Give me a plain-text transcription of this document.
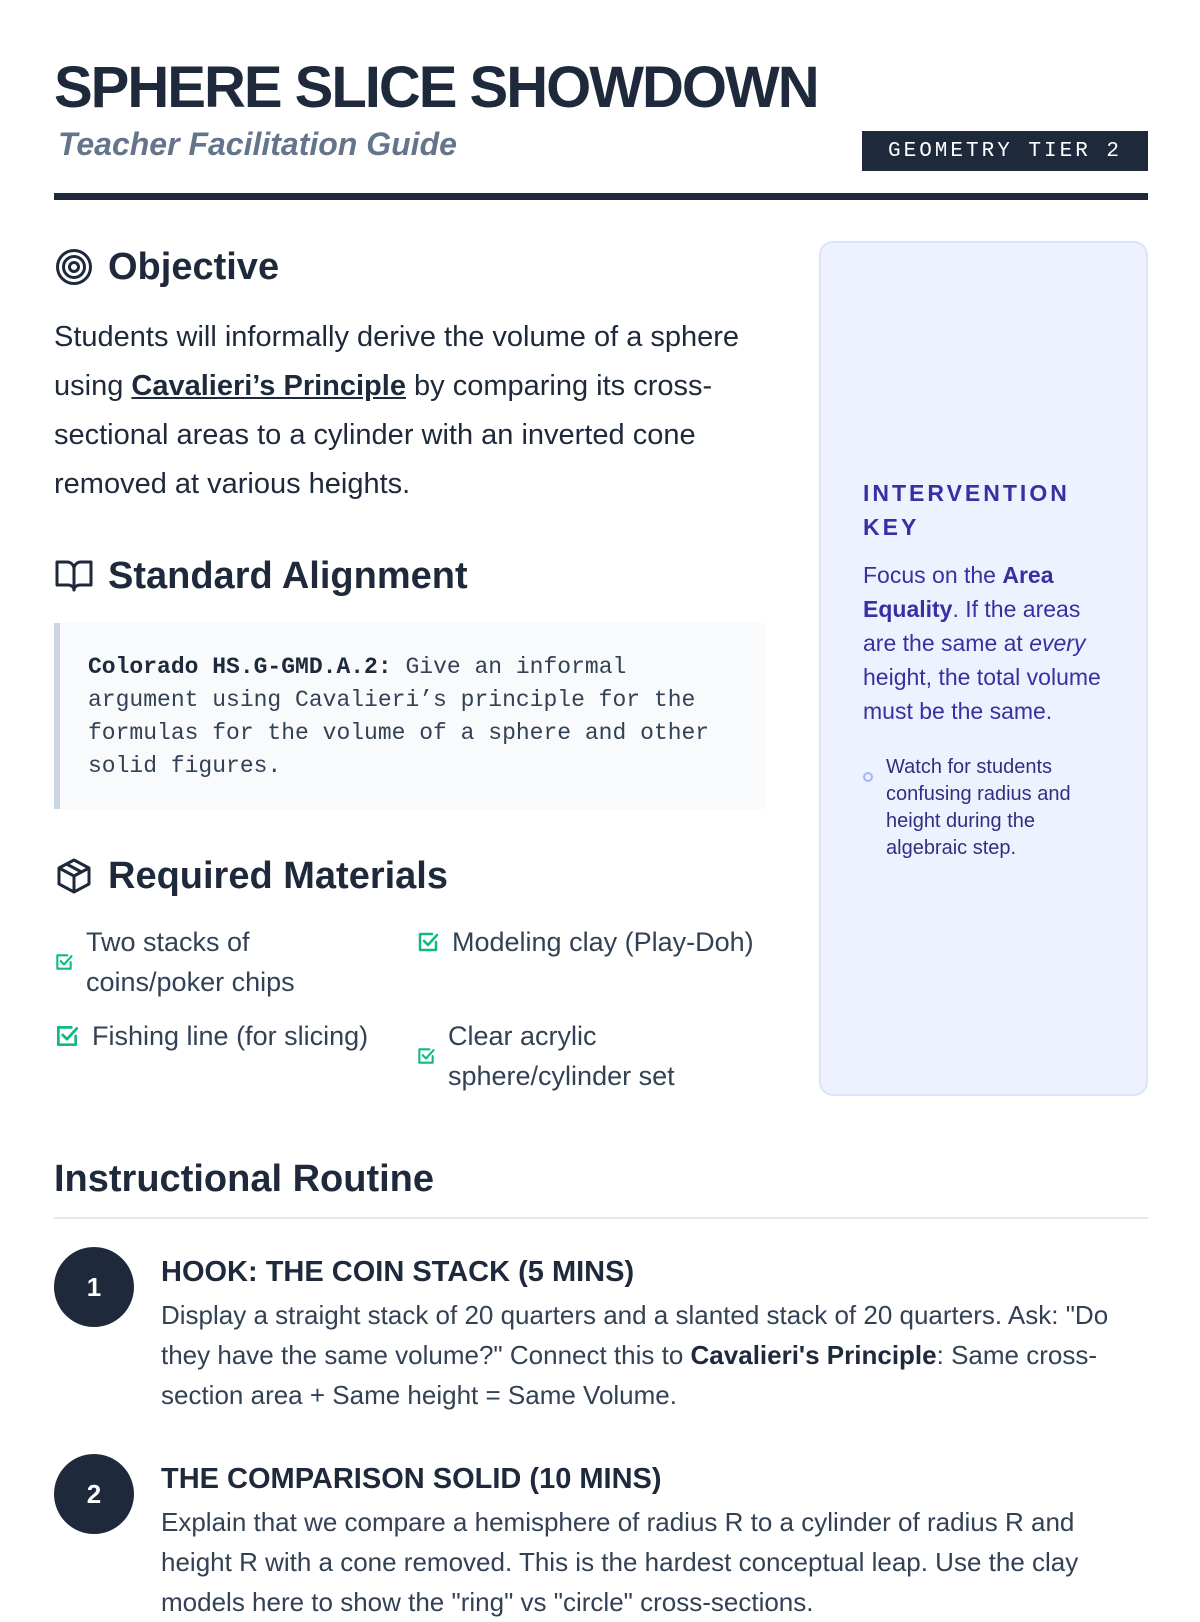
SPHERE SLICE SHOWDOWN
Teacher Facilitation Guide	GEOMETRY TIER 2
Objective

Students will informally derive the volume of a sphere using Cavalieri’s Principle by comparing its cross-sectional areas to a cylinder with an inverted cone removed at various heights.

Standard Alignment
Colorado HS.G-GMD.A.2: Give an informal argument using Cavalieri’s principle for the formulas for the volume of a sphere and other solid figures.
Required Materials
Two stacks of coins/poker chips
Modeling clay (Play-Doh)
Fishing line (for slicing)	Clear acrylic sphere/cylinder set
INTERVENTION KEY

Focus on the Area Equality. If the areas are the same at every height, the total volume must be the same.

Watch for students confusing radius and height during the algebraic step.
Instructional Routine
1	HOOK: THE COIN STACK (5 MINS)

Display a straight stack of 20 quarters and a slanted stack of 20 quarters. Ask: "Do they have the same volume?" Connect this to Cavalieri's Principle: Same cross-section area + Same height = Same Volume.

2	THE COMPARISON SOLID (10 MINS)

Explain that we compare a hemisphere of radius R to a cylinder of radius R and height R with a cone removed. This is the hardest conceptual leap. Use the clay models here to show the "ring" vs "circle" cross-sections.
